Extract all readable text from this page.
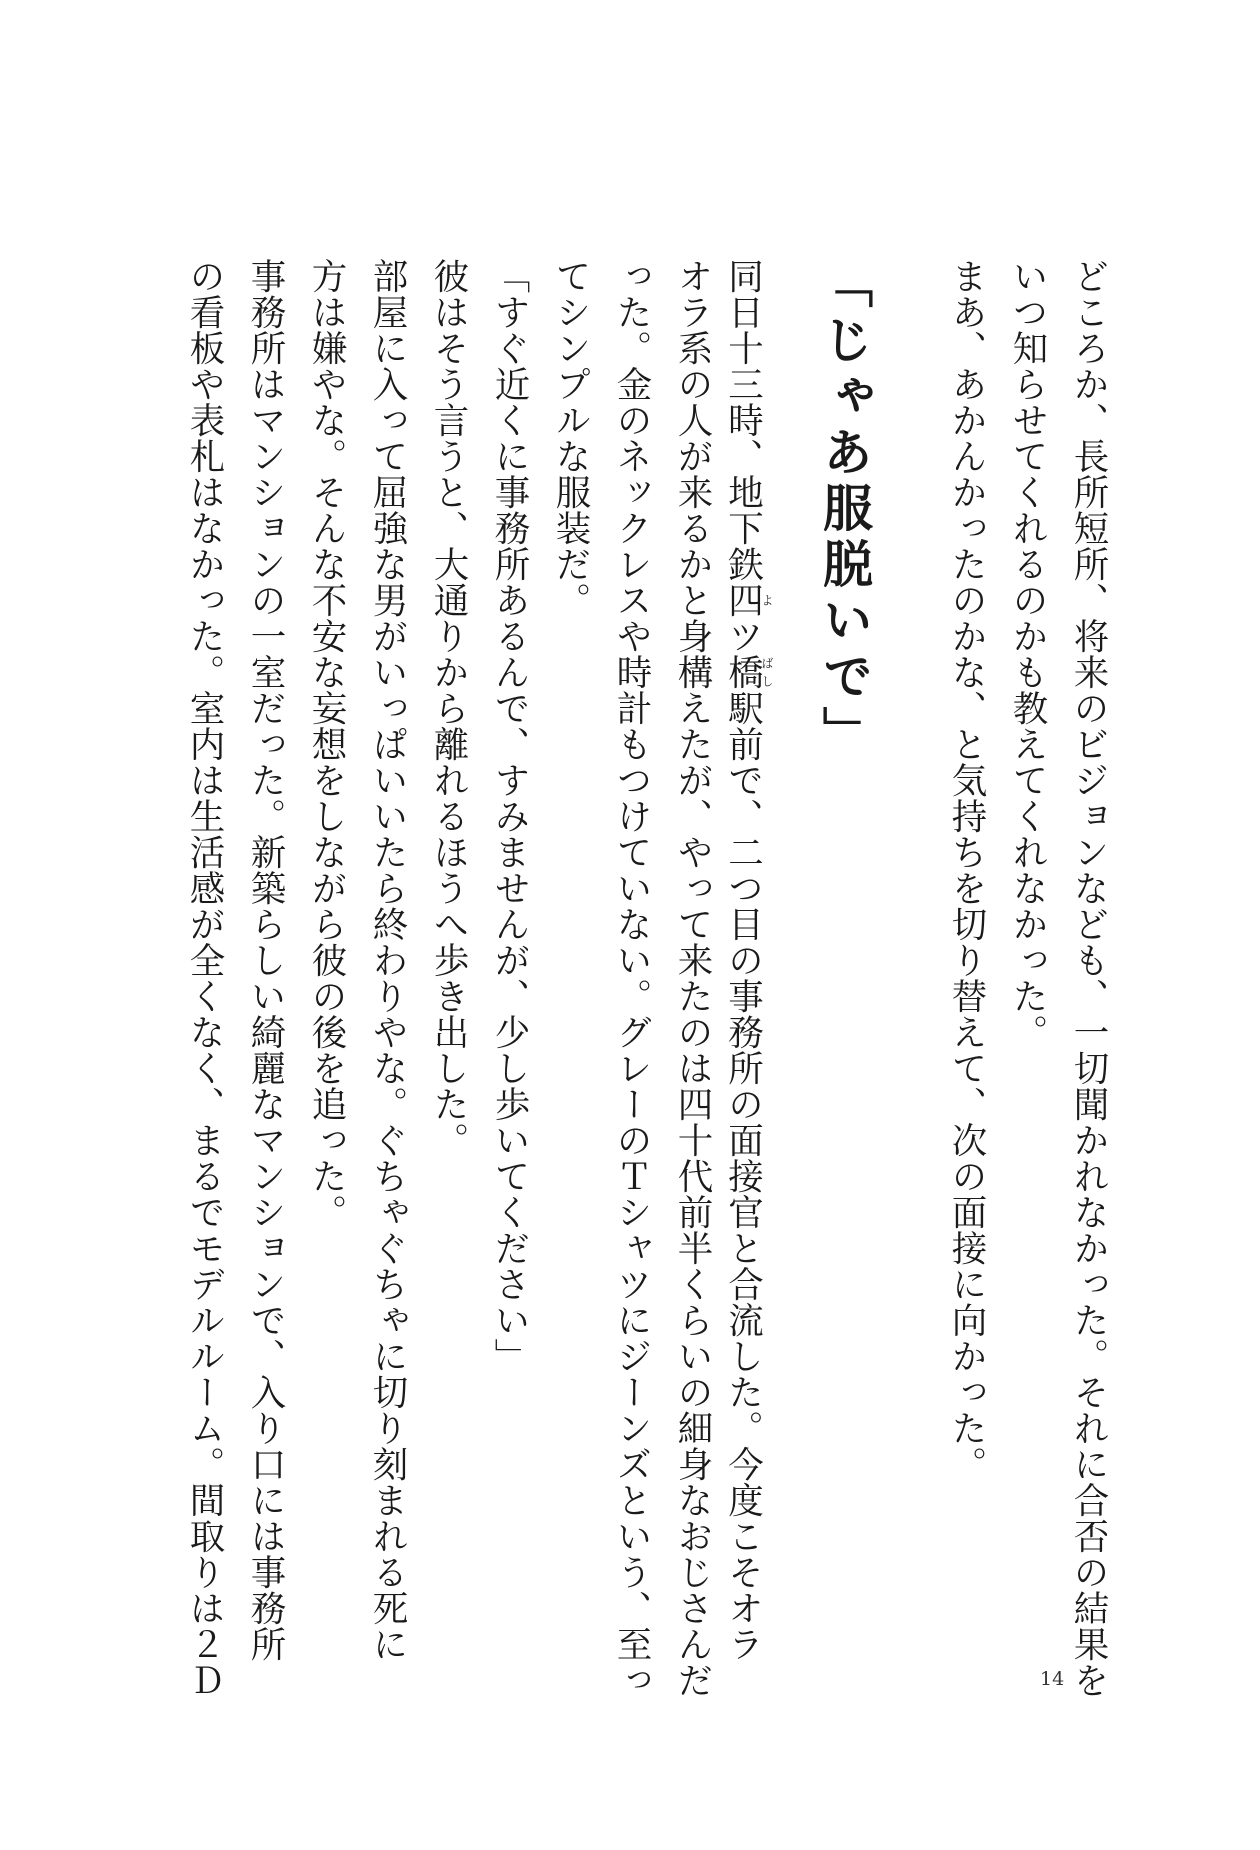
どころか、長所短所、将来のビジョンなども、一切聞かれなかった。それに合否の結果を
いつ知らせてくれるのかも教えてくれなかった。
まあ、あかんかったのかな、と気持ちを切り替えて、次の面接に向かった。
「じゃあ服脱いで」
同日十三時、地下鉄四よツ橋ばし駅前で、二つ目の事務所の面接官と合流した。今度こそオラ
オラ系の人が来るかと身構えたが、やって来たのは四十代前半くらいの細身なおじさんだ
った。金のネックレスや時計もつけていない。グレーのＴシャツにジーンズという、至っ
てシンプルな服装だ。
「すぐ近くに事務所あるんで、すみませんが、少し歩いてください」
彼はそう言うと、大通りから離れるほうへ歩き出した。
部屋に入って屈強な男がいっぱいいたら終わりやな。ぐちゃぐちゃに切り刻まれる死に
方は嫌やな。そんな不安な妄想をしながら彼の後を追った。
事務所はマンションの一室だった。新築らしい綺麗なマンションで、入り口には事務所
の看板や表札はなかった。室内は生活感が全くなく、まるでモデルルーム。間取りは２Ｄ	14
